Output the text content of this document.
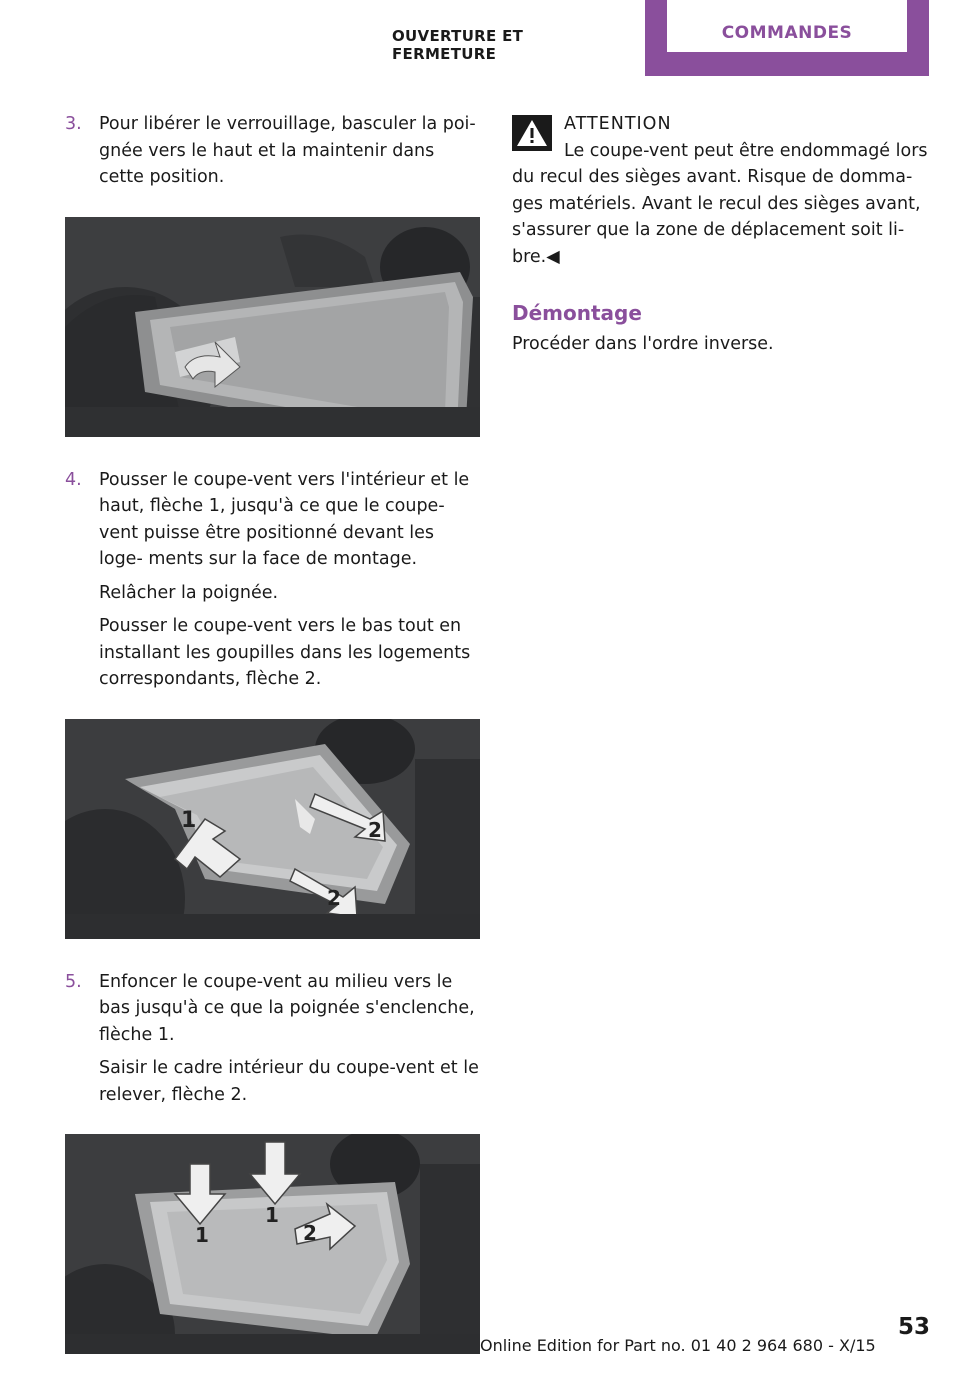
OUVERTURE ET FERMETURE
COMMANDES
3. Pour libérer le verrouillage, basculer la poi‐ gnée vers le haut et la maintenir dans cette position.

4. Pousser le coupe-vent vers l'intérieur et le haut, flèche 1, jusqu'à ce que le coupe-vent puisse être positionné devant les loge‐ ments sur la face de montage.

Relâcher la poignée.

Pousser le coupe-vent vers le bas tout en installant les goupilles dans les logements correspondants, flèche 2.

1	2
2
5. Enfoncer le coupe-vent au milieu vers le bas jusqu'à ce que la poignée s'enclenche, flèche 1.

Saisir le cadre intérieur du coupe-vent et le relever, flèche 2.

1
1
2
ATTENTION

Le coupe-vent peut être endommagé lors

du recul des sièges avant. Risque de domma‐ ges matériels. Avant le recul des sièges avant, s'assurer que la zone de déplacement soit li‐ bre.◀

Démontage

Procéder dans l'ordre inverse.

53
Online Edition for Part no. 01 40 2 964 680 - X/15
